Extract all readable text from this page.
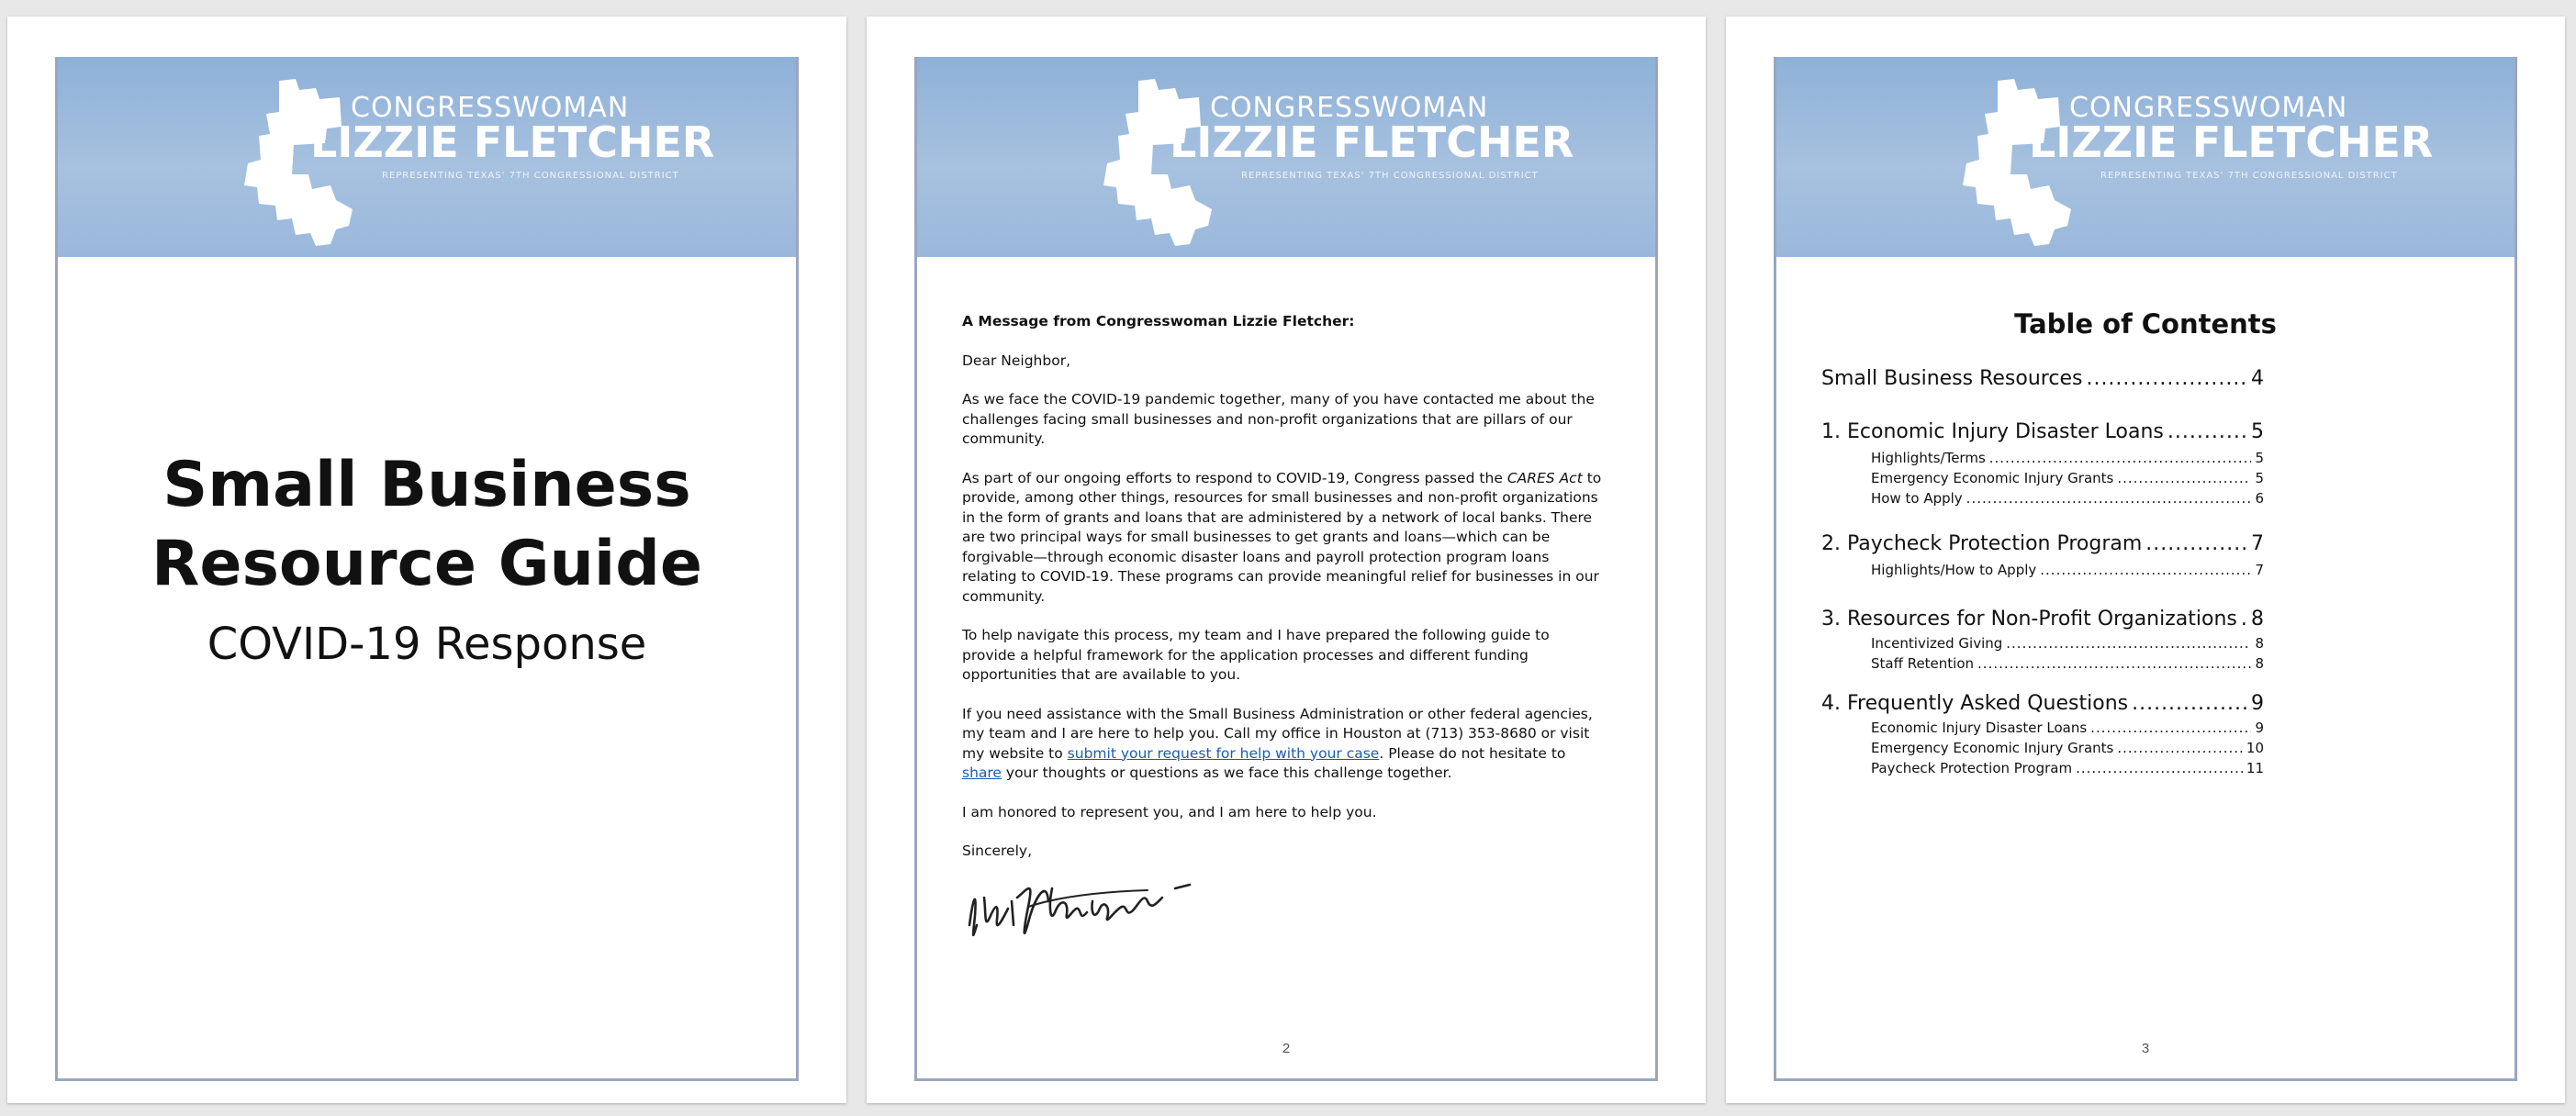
CONGRESSWOMAN
LIZZIE FLETCHER
REPRESENTING TEXAS' 7TH CONGRESSIONAL DISTRICT
Small Business
Resource Guide
COVID-19 Response
CONGRESSWOMAN
LIZZIE FLETCHER
REPRESENTING TEXAS' 7TH CONGRESSIONAL DISTRICT

A Message from Congresswoman Lizzie Fletcher:

Dear Neighbor,

As we face the COVID-19 pandemic together, many of you have contacted me about the challenges facing small businesses and non-profit organizations that are pillars of our community.

As part of our ongoing efforts to respond to COVID-19, Congress passed the CARES Act to provide, among other things, resources for small businesses and non-profit organizations in the form of grants and loans that are administered by a network of local banks. There are two principal ways for small businesses to get grants and loans—which can be forgivable—through economic disaster loans and payroll protection program loans relating to COVID-19. These programs can provide meaningful relief for businesses in our community.

To help navigate this process, my team and I have prepared the following guide to provide a helpful framework for the application processes and different funding opportunities that are available to you.

If you need assistance with the Small Business Administration or other federal agencies, my team and I are here to help you. Call my office in Houston at (713) 353-8680 or visit my website to submit your request for help with your case. Please do not hesitate to share your thoughts or questions as we face this challenge together.

I am honored to represent you, and I am here to help you.

Sincerely,

2
CONGRESSWOMAN
LIZZIE FLETCHER
REPRESENTING TEXAS' 7TH CONGRESSIONAL DISTRICT
Table of Contents
Small Business Resources .....	4
1. Economic Injury Disaster Loans .....	5
Highlights/Terms .....	5
Emergency Economic Injury Grants .....	5
How to Apply .....	6
2. Paycheck Protection Program .....	7
Highlights/How to Apply .....	7
3. Resources for Non-Profit Organizations ..... 8
Incentivized Giving .....	8
Staff Retention .....	8
4. Frequently Asked Questions .....	9
Economic Injury Disaster Loans .....	9
Emergency Economic Injury Grants .....	10
Paycheck Protection Program .....	11
3
